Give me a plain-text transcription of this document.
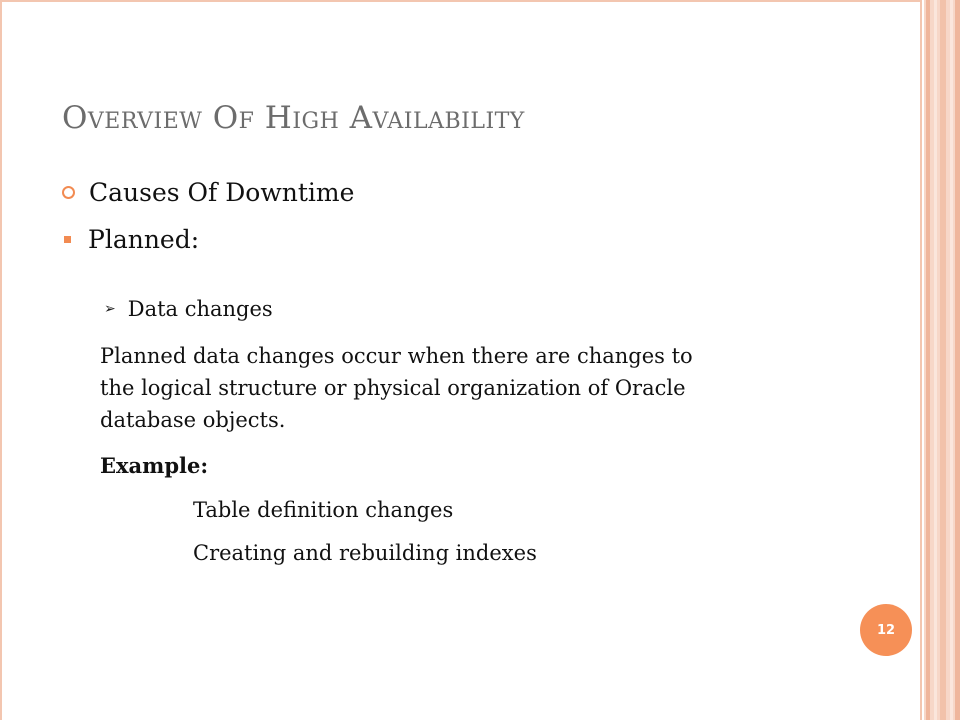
Overview Of High Availability
Causes Of Downtime
Planned:
➢ Data changes
Planned data changes occur when there are changes to
the logical structure or physical organization of Oracle
database objects.
Example:
Table definition changes
Creating and rebuilding indexes
12
